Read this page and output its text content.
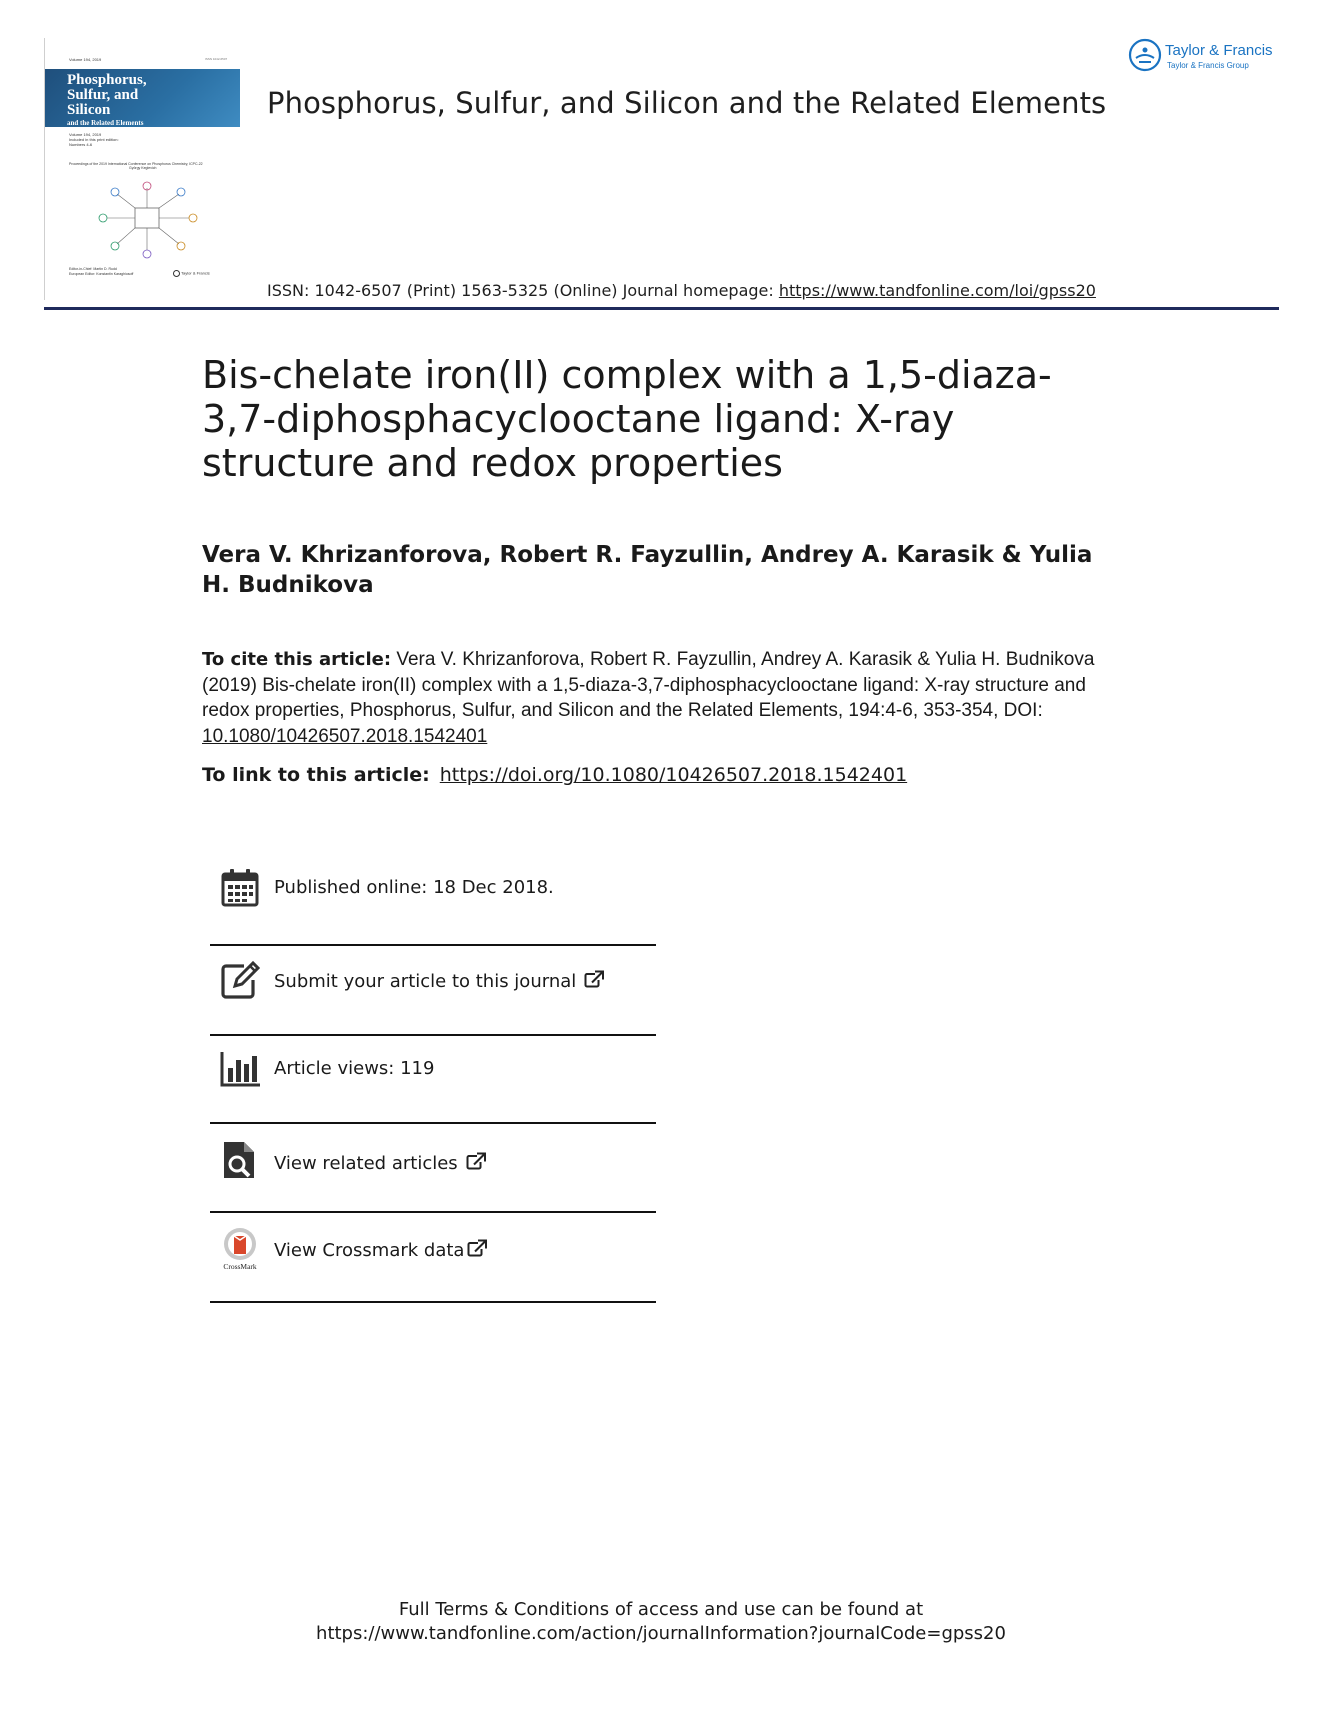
Volume 194, 2019	ISSN 1042-6507
Phosphorus,
Sulfur, and
Silicon
and the Related Elements
Volume 194, 2019
Included in this print edition:
Numbers 4-6
Proceedings of the 2019 International Conference on Phosphorus Chemistry, ICPC-22
György Keglevich
Editor-in-Chief: Martin D. Rudd
European Editor: Konstantin Karaghiosoff	Taylor & Francis
Phosphorus, Sulfur, and Silicon and the Related Elements
ISSN: 1042-6507 (Print) 1563-5325 (Online) Journal homepage: https://www.tandfonline.com/loi/gpss20
Taylor & Francis
Taylor & Francis Group
Bis-chelate iron(II) complex with a 1,5-diaza-3,7-diphosphacyclooctane ligand: X-ray structure and redox properties
Vera V. Khrizanforova, Robert R. Fayzullin, Andrey A. Karasik & Yulia H. Budnikova
To cite this article: Vera V. Khrizanforova, Robert R. Fayzullin, Andrey A. Karasik & Yulia H. Budnikova (2019) Bis-chelate iron(II) complex with a 1,5-diaza-3,7-diphosphacyclooctane ligand: X-ray structure and redox properties, Phosphorus, Sulfur, and Silicon and the Related Elements, 194:4-6, 353-354, DOI: 10.1080/10426507.2018.1542401
To link to this article: https://doi.org/10.1080/10426507.2018.1542401
Published online: 18 Dec 2018.
Submit your article to this journal
Article views: 119
View related articles
CrossMark
View Crossmark data
Full Terms & Conditions of access and use can be found at
https://www.tandfonline.com/action/journalInformation?journalCode=gpss20
